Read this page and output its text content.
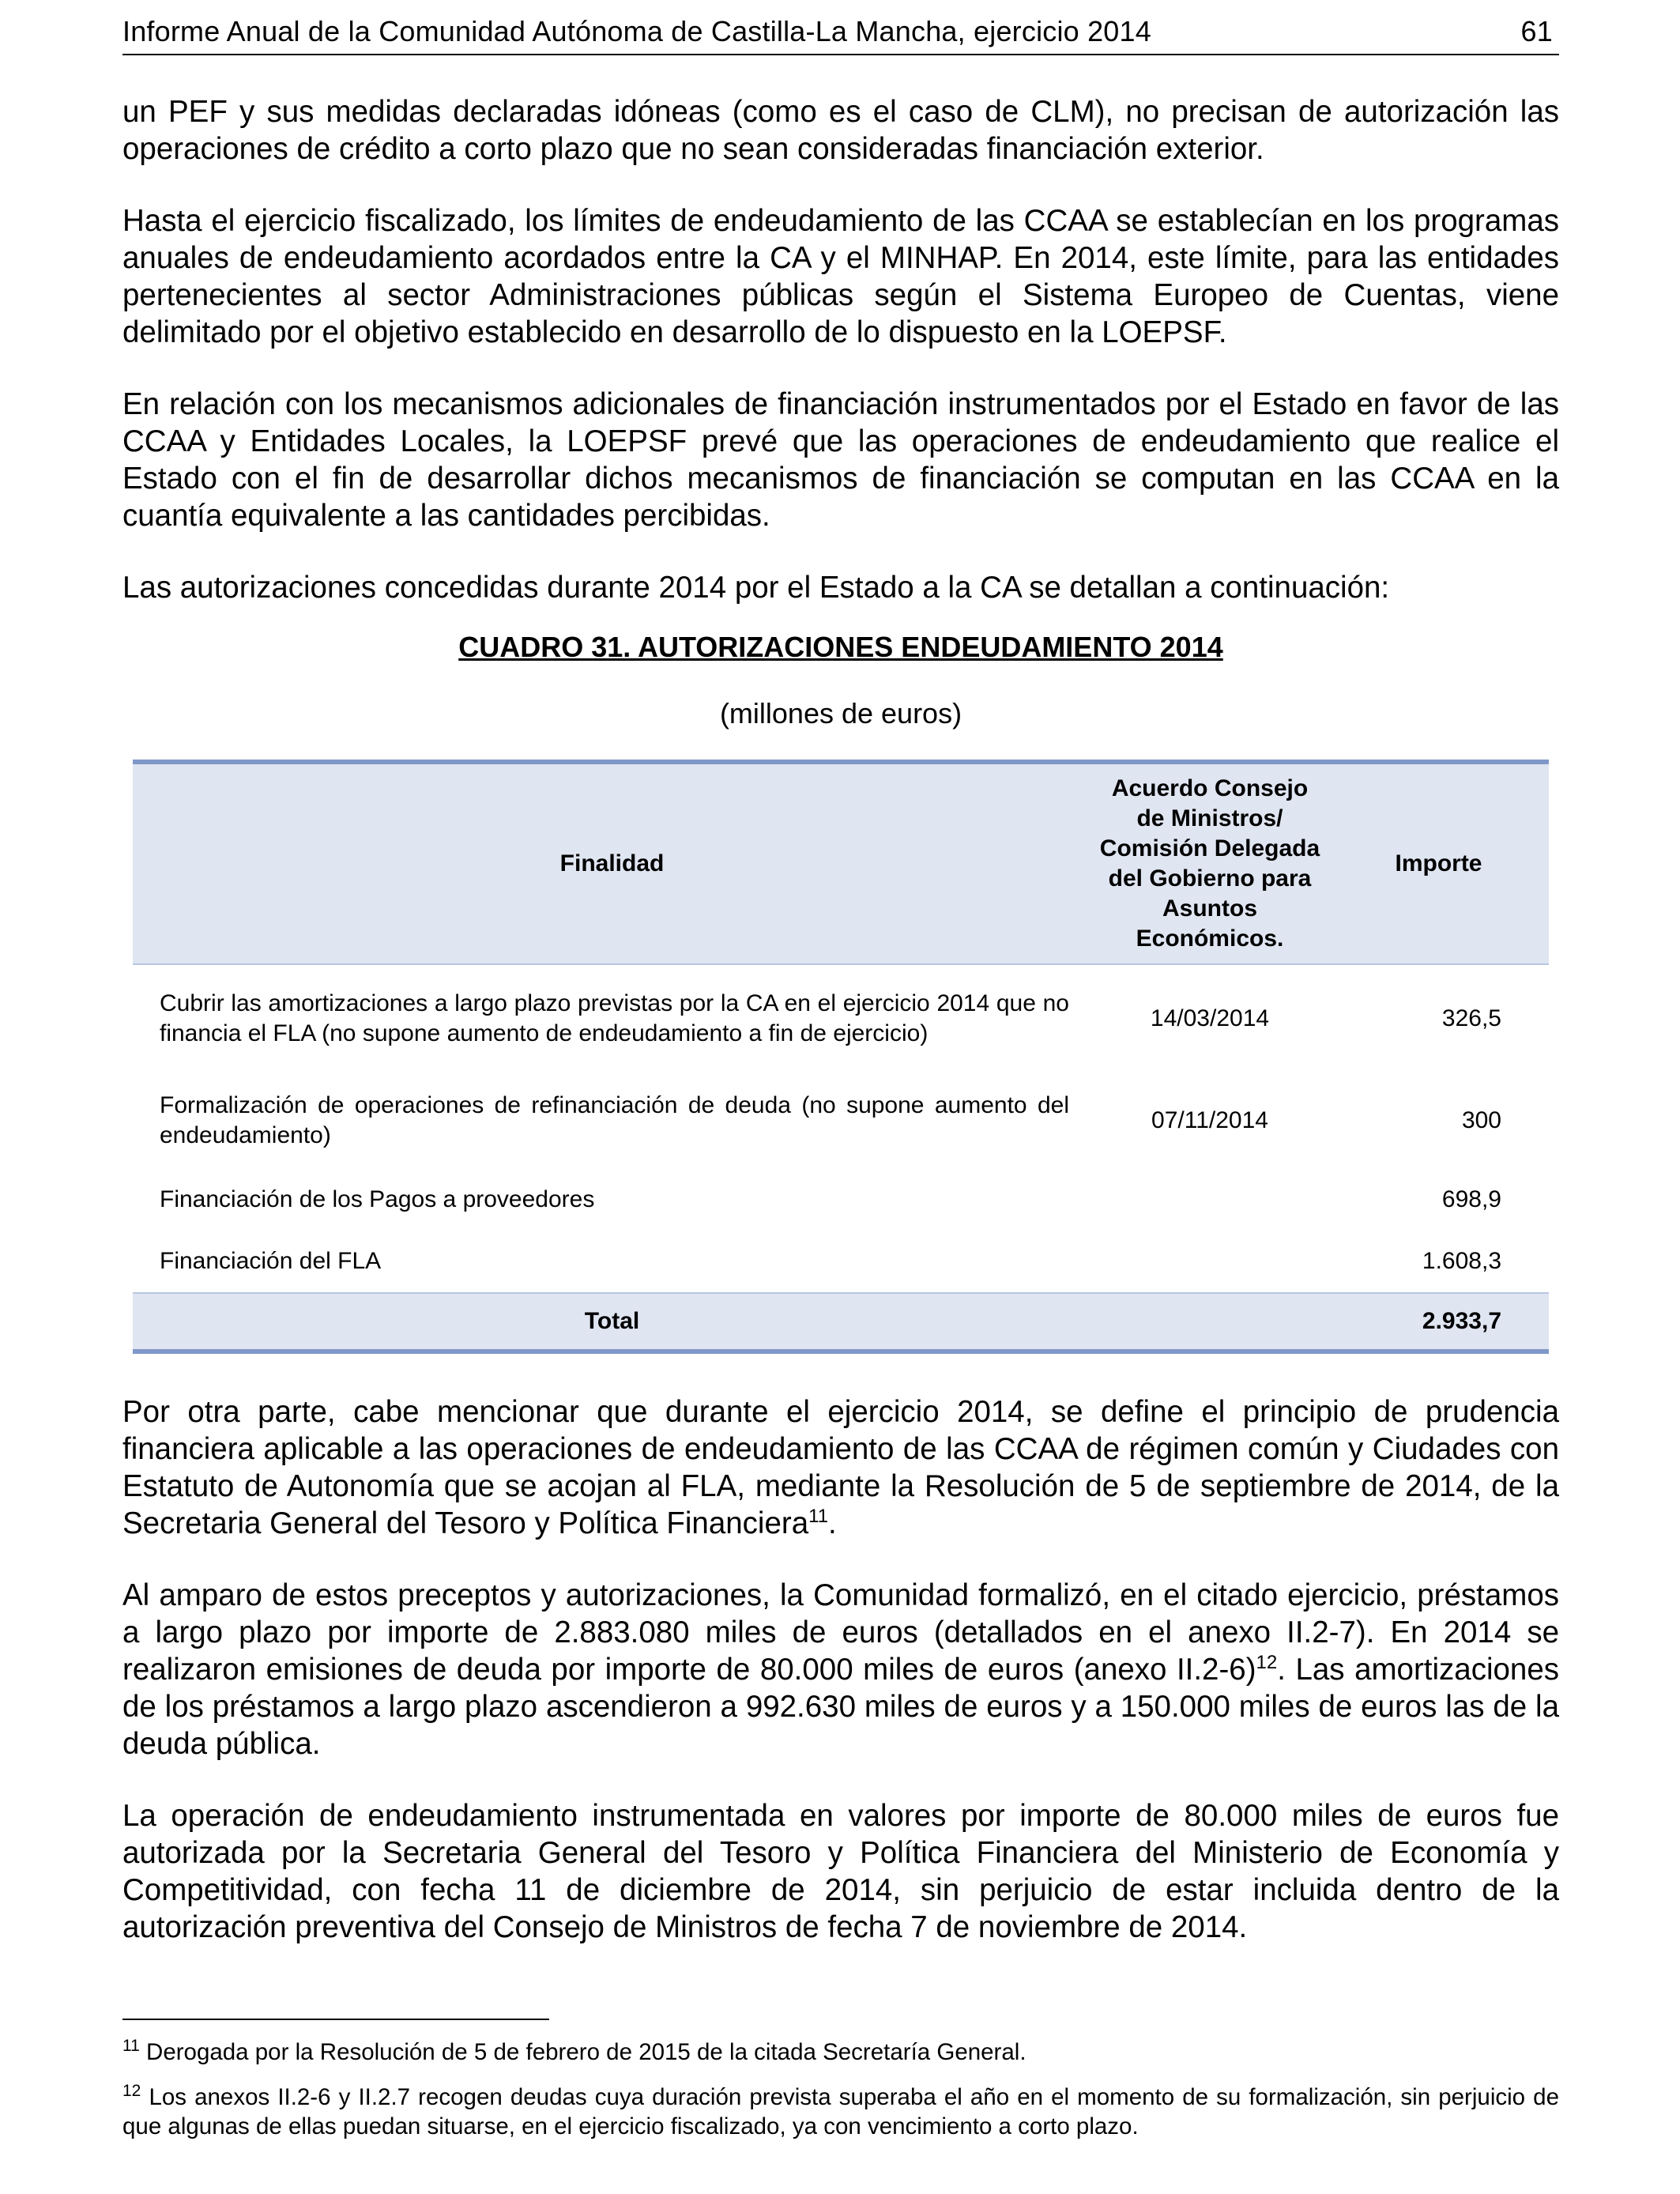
Informe Anual de la Comunidad Autónoma de Castilla-La Mancha, ejercicio 2014	61

un PEF y sus medidas declaradas idóneas (como es el caso de CLM), no precisan de autorización las operaciones de crédito a corto plazo que no sean consideradas financiación exterior.

Hasta el ejercicio fiscalizado, los límites de endeudamiento de las CCAA se establecían en los programas anuales de endeudamiento acordados entre la CA y el MINHAP. En 2014, este límite, para las entidades pertenecientes al sector Administraciones públicas según el Sistema Europeo de Cuentas, viene delimitado por el objetivo establecido en desarrollo de lo dispuesto en la LOEPSF.

En relación con los mecanismos adicionales de financiación instrumentados por el Estado en favor de las CCAA y Entidades Locales, la LOEPSF prevé que las operaciones de endeudamiento que realice el Estado con el fin de desarrollar dichos mecanismos de financiación se computan en las CCAA en la cuantía equivalente a las cantidades percibidas.

Las autorizaciones concedidas durante 2014 por el Estado a la CA se detallan a continuación:

CUADRO 31. AUTORIZACIONES ENDEUDAMIENTO 2014
(millones de euros)
Finalidad	Acuerdo Consejo de Ministros/ Comisión Delegada del Gobierno para Asuntos Económicos.	Importe
Cubrir las amortizaciones a largo plazo previstas por la CA en el ejercicio 2014 que no financia el FLA (no supone aumento de endeudamiento a fin de ejercicio)	14/03/2014	326,5
Formalización de operaciones de refinanciación de deuda (no supone aumento del endeudamiento)	07/11/2014	300
Financiación de los Pagos a proveedores		698,9
Financiación del FLA		1.608,3
Total		2.933,7

Por otra parte, cabe mencionar que durante el ejercicio 2014, se define el principio de prudencia financiera aplicable a las operaciones de endeudamiento de las CCAA de régimen común y Ciudades con Estatuto de Autonomía que se acojan al FLA, mediante la Resolución de 5 de septiembre de 2014, de la Secretaria General del Tesoro y Política Financiera$^{11}$.

Al amparo de estos preceptos y autorizaciones, la Comunidad formalizó, en el citado ejercicio, préstamos a largo plazo por importe de 2.883.080 miles de euros (detallados en el anexo II.2-7). En 2014 se realizaron emisiones de deuda por importe de 80.000 miles de euros (anexo II.2-6)$^{12}$. Las amortizaciones de los préstamos a largo plazo ascendieron a 992.630 miles de euros y a 150.000 miles de euros las de la deuda pública.

La operación de endeudamiento instrumentada en valores por importe de 80.000 miles de euros fue autorizada por la Secretaria General del Tesoro y Política Financiera del Ministerio de Economía y Competitividad, con fecha 11 de diciembre de 2014, sin perjuicio de estar incluida dentro de la autorización preventiva del Consejo de Ministros de fecha 7 de noviembre de 2014.

$^{11}$ Derogada por la Resolución de 5 de febrero de 2015 de la citada Secretaría General.

$^{12}$ Los anexos II.2-6 y II.2.7 recogen deudas cuya duración prevista superaba el año en el momento de su formalización, sin perjuicio de que algunas de ellas puedan situarse, en el ejercicio fiscalizado, ya con vencimiento a corto plazo.
